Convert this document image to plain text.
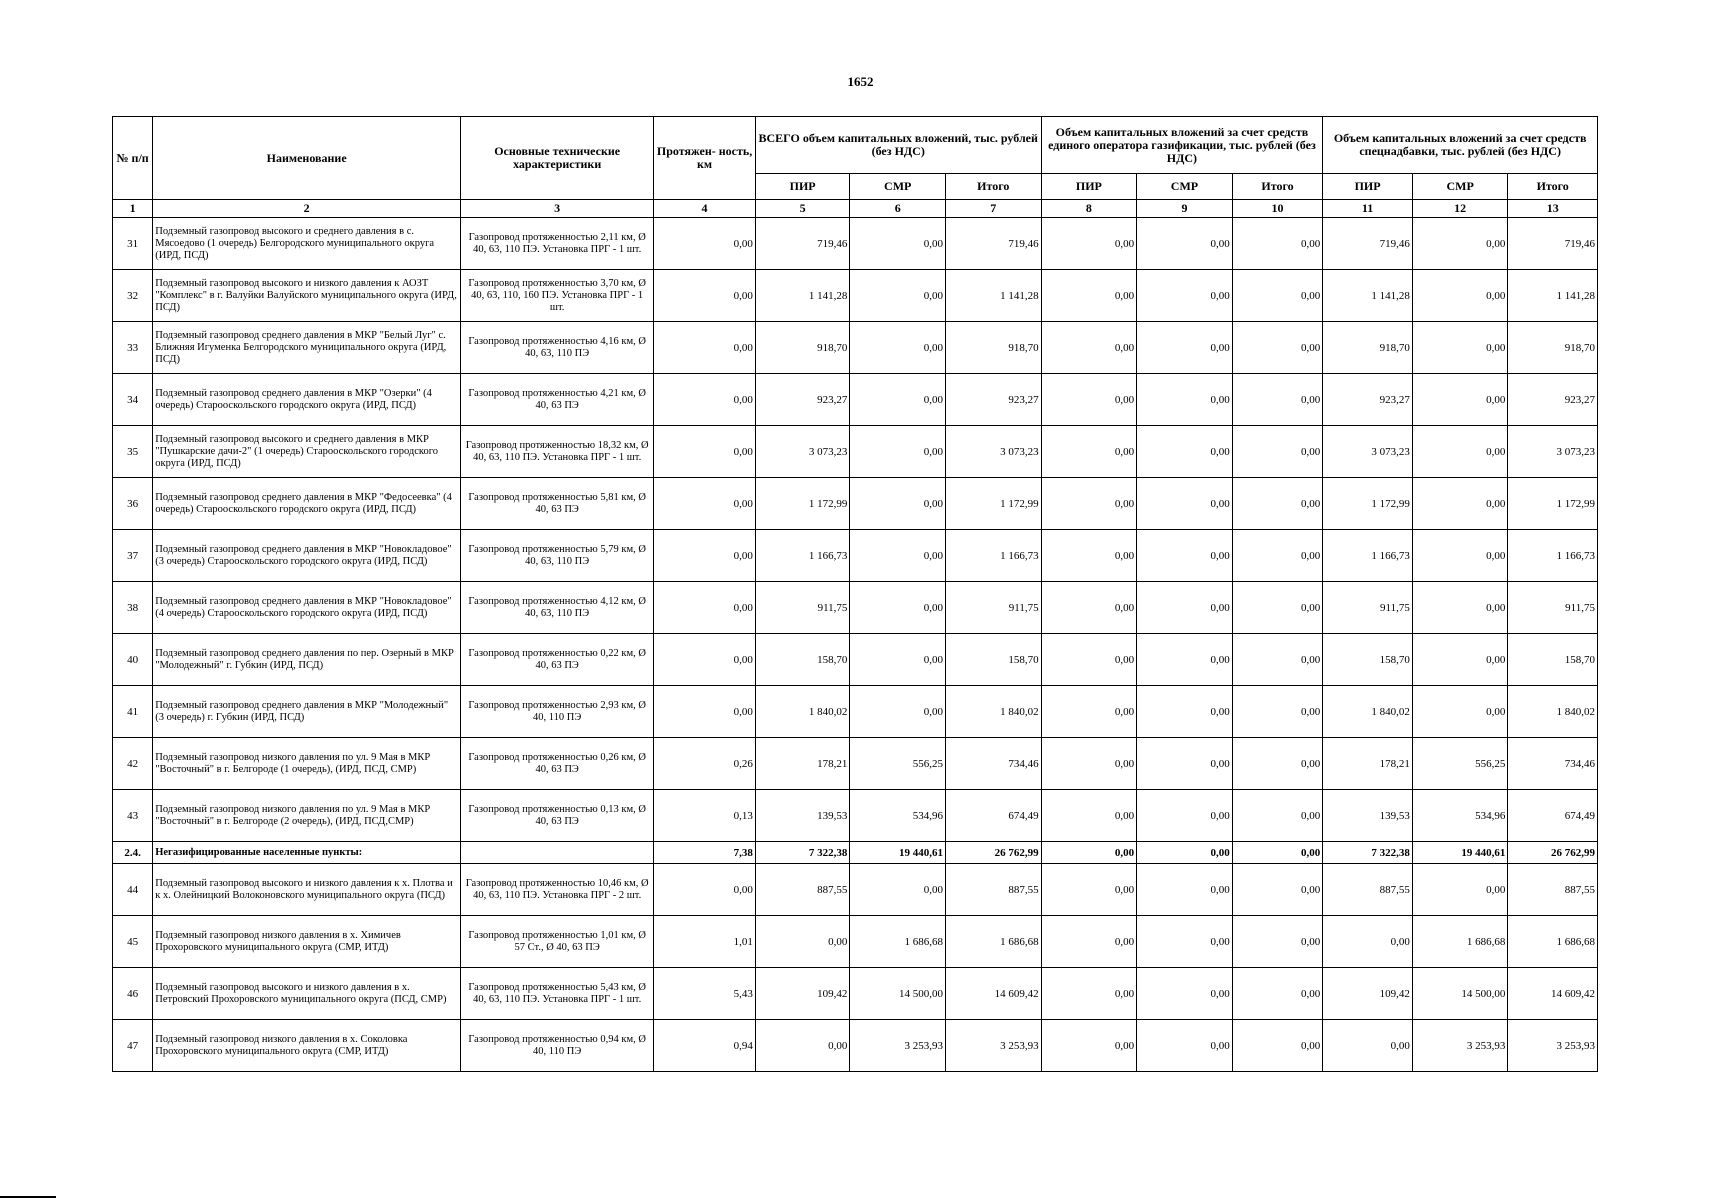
1652
№ п/п	Наименование	Основные технические характеристики	Протяжен- ность, км	ВСЕГО объем капитальных вложений, тыс. рублей (без НДС)			Объем капитальных вложений за счет средств единого оператора газификации, тыс. рублей (без НДС)			Объем капитальных вложений за счет средств спецнадбавки, тыс. рублей (без НДС)		
				ПИР	СМР	Итого	ПИР	СМР	Итого	ПИР	СМР	Итого
1	2	3	4	5	6	7	8	9	10	11	12	13
31	Подземный газопровод высокого и среднего давления в с. Мясоедово (1 очередь) Белгородского муниципального округа (ИРД, ПСД)	Газопровод протяженностью 2,11 км, Ø 40, 63, 110 ПЭ. Установка ПРГ - 1 шт.	0,00	719,46	0,00	719,46	0,00	0,00	0,00	719,46	0,00	719,46
32	Подземный газопровод высокого и низкого давления к АОЗТ "Комплекс" в г. Валуйки Валуйского муниципального округа (ИРД, ПСД)	Газопровод протяженностью 3,70 км, Ø 40, 63, 110, 160 ПЭ. Установка ПРГ - 1 шт.	0,00	1 141,28	0,00	1 141,28	0,00	0,00	0,00	1 141,28	0,00	1 141,28
33	Подземный газопровод среднего давления в МКР "Белый Луг" с. Ближняя Игуменка Белгородского муниципального округа (ИРД, ПСД)	Газопровод протяженностью 4,16 км, Ø 40, 63, 110 ПЭ	0,00	918,70	0,00	918,70	0,00	0,00	0,00	918,70	0,00	918,70
34	Подземный газопровод среднего давления в МКР "Озерки" (4 очередь) Старооскольского городского округа (ИРД, ПСД)	Газопровод протяженностью 4,21 км, Ø 40, 63 ПЭ	0,00	923,27	0,00	923,27	0,00	0,00	0,00	923,27	0,00	923,27
35	Подземный газопровод высокого и среднего давления в МКР "Пушкарские дачи-2" (1 очередь) Старооскольского городского округа (ИРД, ПСД)	Газопровод протяженностью 18,32 км, Ø 40, 63, 110 ПЭ. Установка ПРГ - 1 шт.	0,00	3 073,23	0,00	3 073,23	0,00	0,00	0,00	3 073,23	0,00	3 073,23
36	Подземный газопровод среднего давления в МКР "Федосеевка" (4 очередь) Старооскольского городского округа (ИРД, ПСД)	Газопровод протяженностью 5,81 км, Ø 40, 63 ПЭ	0,00	1 172,99	0,00	1 172,99	0,00	0,00	0,00	1 172,99	0,00	1 172,99
37	Подземный газопровод среднего давления в МКР "Новокладовое" (3 очередь) Старооскольского городского округа (ИРД, ПСД)	Газопровод протяженностью 5,79 км, Ø 40, 63, 110 ПЭ	0,00	1 166,73	0,00	1 166,73	0,00	0,00	0,00	1 166,73	0,00	1 166,73
38	Подземный газопровод среднего давления в МКР "Новокладовое" (4 очередь) Старооскольского городского округа (ИРД, ПСД)	Газопровод протяженностью 4,12 км, Ø 40, 63, 110 ПЭ	0,00	911,75	0,00	911,75	0,00	0,00	0,00	911,75	0,00	911,75
40	Подземный газопровод среднего давления по пер. Озерный в МКР "Молодежный" г. Губкин (ИРД, ПСД)	Газопровод протяженностью 0,22 км, Ø 40, 63 ПЭ	0,00	158,70	0,00	158,70	0,00	0,00	0,00	158,70	0,00	158,70
41	Подземный газопровод среднего давления в МКР "Молодежный" (3 очередь) г. Губкин (ИРД, ПСД)	Газопровод протяженностью 2,93 км, Ø 40, 110 ПЭ	0,00	1 840,02	0,00	1 840,02	0,00	0,00	0,00	1 840,02	0,00	1 840,02
42	Подземный газопровод низкого давления по ул. 9 Мая в МКР "Восточный" в г. Белгороде (1 очередь), (ИРД, ПСД, СМР)	Газопровод протяженностью 0,26 км, Ø 40, 63 ПЭ	0,26	178,21	556,25	734,46	0,00	0,00	0,00	178,21	556,25	734,46
43	Подземный газопровод низкого давления по ул. 9 Мая в МКР "Восточный" в г. Белгороде (2 очередь), (ИРД, ПСД,СМР)	Газопровод протяженностью 0,13 км, Ø 40, 63 ПЭ	0,13	139,53	534,96	674,49	0,00	0,00	0,00	139,53	534,96	674,49
2.4.	Негазифицированные населенные пункты:		7,38	7 322,38	19 440,61	26 762,99	0,00	0,00	0,00	7 322,38	19 440,61	26 762,99
44	Подземный газопровод высокого и низкого давления к х. Плотва и к х. Олейницкий Волоконовского муниципального округа (ПСД)	Газопровод протяженностью 10,46 км, Ø 40, 63, 110 ПЭ. Установка ПРГ - 2 шт.	0,00	887,55	0,00	887,55	0,00	0,00	0,00	887,55	0,00	887,55
45	Подземный газопровод низкого давления в х. Химичев Прохоровского муниципального округа (СМР, ИТД)	Газопровод протяженностью 1,01 км, Ø 57 Ст., Ø 40, 63 ПЭ	1,01	0,00	1 686,68	1 686,68	0,00	0,00	0,00	0,00	1 686,68	1 686,68
46	Подземный газопровод высокого и низкого давления в х. Петровский Прохоровского муниципального округа (ПСД, СМР)	Газопровод протяженностью 5,43 км, Ø 40, 63, 110 ПЭ. Установка ПРГ - 1 шт.	5,43	109,42	14 500,00	14 609,42	0,00	0,00	0,00	109,42	14 500,00	14 609,42
47	Подземный газопровод низкого давления в х. Соколовка Прохоровского муниципального округа (СМР, ИТД)	Газопровод протяженностью 0,94 км, Ø 40, 110 ПЭ	0,94	0,00	3 253,93	3 253,93	0,00	0,00	0,00	0,00	3 253,93	3 253,93
